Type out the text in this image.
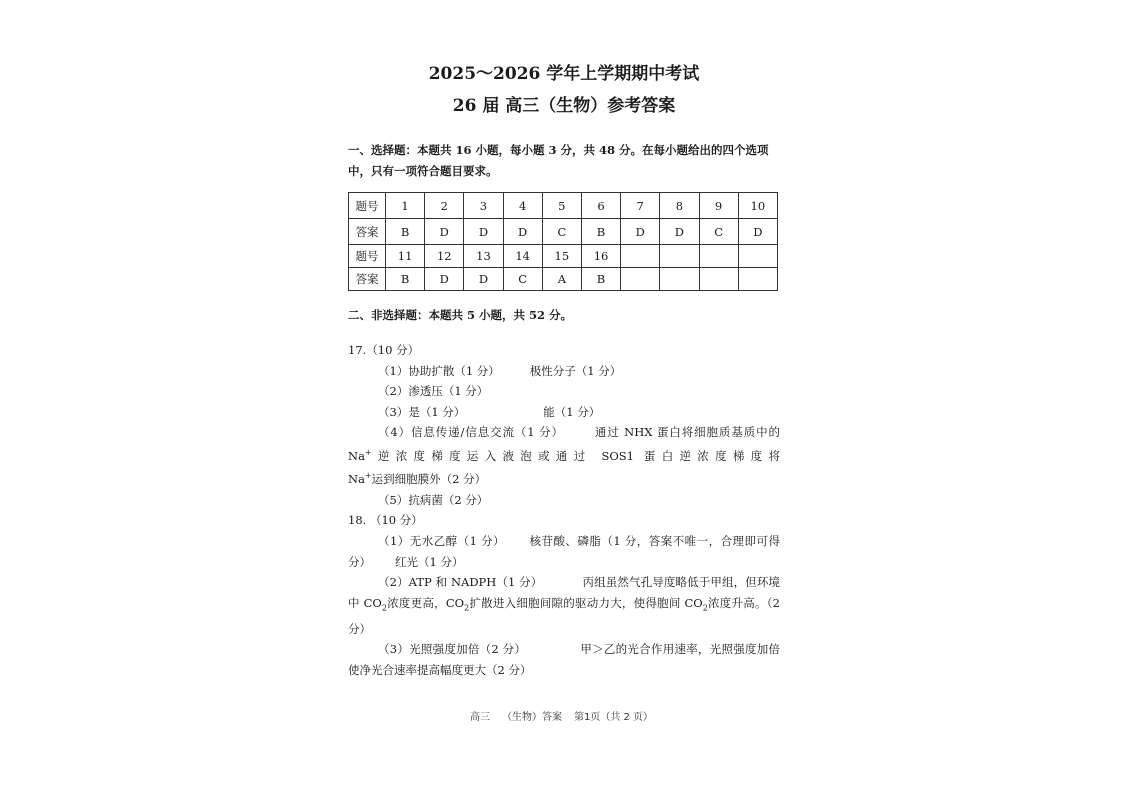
2025～2026 学年上学期期中考试

26 届 高三（生物）参考答案

一、选择题：本题共 16 小题，每小题 3 分，共 48 分。在每小题给出的四个选项中，只有一项符合题目要求。

题号	1	2	3	4	5	6	7	8	9	10
答案	B	D	D	D	C	B	D	D	C	D
题号	11	12	13	14	15	16				
答案	B	D	D	C	A	B				

二、非选择题：本题共 5 小题，共 52 分。

17.（10 分）

（1）协助扩散（1 分）	极性分子（1 分）

（2）渗透压（1 分）

（3）是（1 分）	能（1 分）

（4）信息传递/信息交流（1 分）	通过 NHX 蛋白将细胞质基质中的 Na+逆浓度梯度运入液泡或通过 SOS1 蛋白逆浓度梯度将 Na+运到细胞膜外（2 分）

（5）抗病菌（2 分）

18. （10 分）

（1）无水乙醇（1 分） 核苷酸、磷脂（1 分，答案不唯一，合理即可得分） 红光（1 分）

（2）ATP 和 NADPH（1 分）	丙组虽然气孔导度略低于甲组，但环境中 $CO_2$浓度更高，$CO_2$扩散进入细胞间隙的驱动力大，使得胞间 $CO_2$浓度升高。（2 分）

（3）光照强度加倍（2 分）	甲＞乙的光合作用速率，光照强度加倍使净光合速率提高幅度更大（2 分）

高三 （生物）答案 第1页（共 2 页）
